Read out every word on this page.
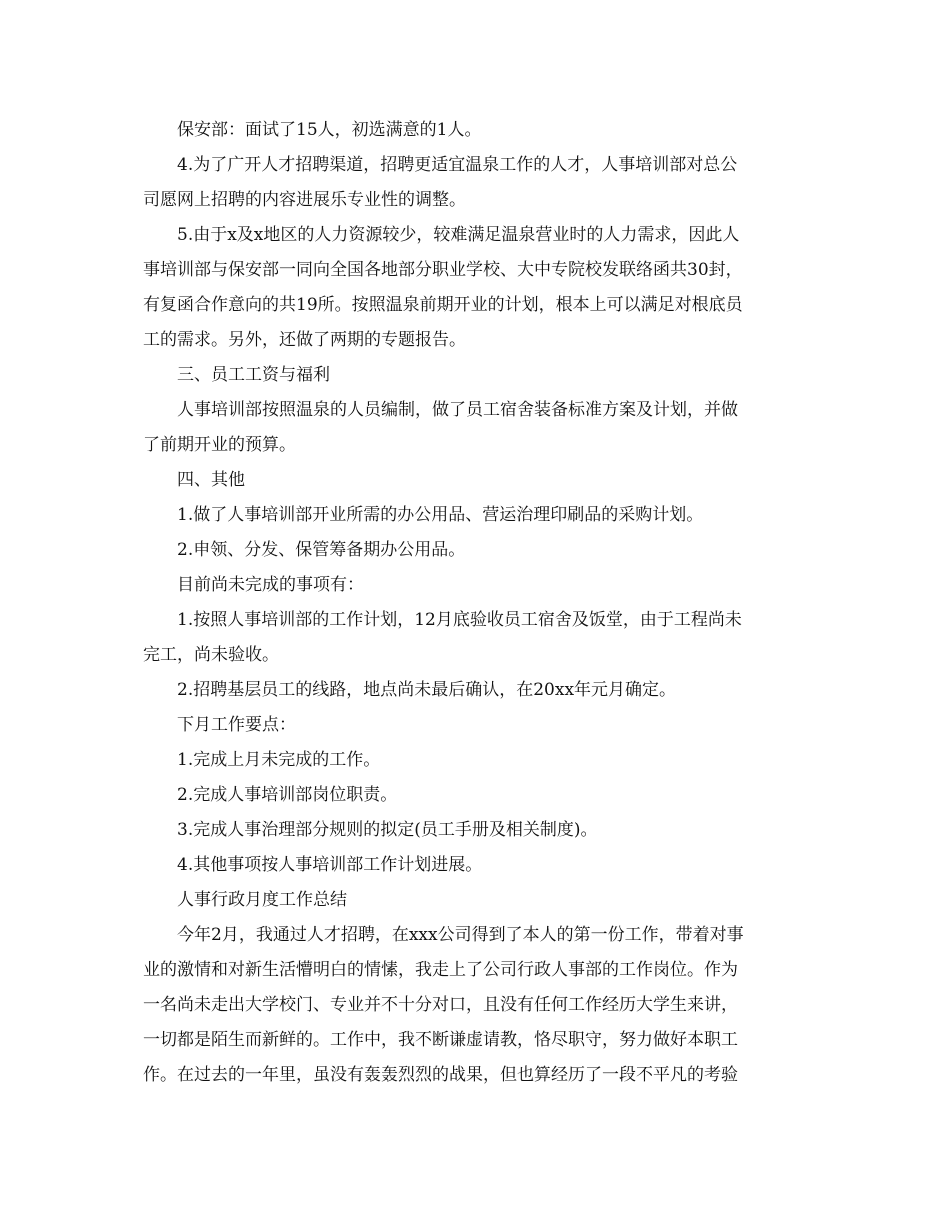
保安部：面试了15人，初选满意的1人。
4.为了广开人才招聘渠道，招聘更适宜温泉工作的人才，人事培训部对总公
司愿网上招聘的内容进展乐专业性的调整。
5.由于x及x地区的人力资源较少，较难满足温泉营业时的人力需求，因此人
事培训部与保安部一同向全国各地部分职业学校、大中专院校发联络函共30封，
有复函合作意向的共19所。按照温泉前期开业的计划，根本上可以满足对根底员
工的需求。另外，还做了两期的专题报告。
三、员工工资与福利
人事培训部按照温泉的人员编制，做了员工宿舍装备标准方案及计划，并做
了前期开业的预算。
四、其他
1.做了人事培训部开业所需的办公用品、营运治理印刷品的采购计划。
2.申领、分发、保管筹备期办公用品。
目前尚未完成的事项有：
1.按照人事培训部的工作计划，12月底验收员工宿舍及饭堂，由于工程尚未
完工，尚未验收。
2.招聘基层员工的线路，地点尚未最后确认，在20xx年元月确定。
下月工作要点：
1.完成上月未完成的工作。
2.完成人事培训部岗位职责。
3.完成人事治理部分规则的拟定(员工手册及相关制度)。
4.其他事项按人事培训部工作计划进展。
人事行政月度工作总结
今年2月，我通过人才招聘，在xxx公司得到了本人的第一份工作，带着对事
业的激情和对新生活懵明白的情愫，我走上了公司行政人事部的工作岗位。作为
一名尚未走出大学校门、专业并不十分对口，且没有任何工作经历大学生来讲，
一切都是陌生而新鲜的。工作中，我不断谦虚请教，恪尽职守，努力做好本职工
作。在过去的一年里，虽没有轰轰烈烈的战果，但也算经历了一段不平凡的考验
